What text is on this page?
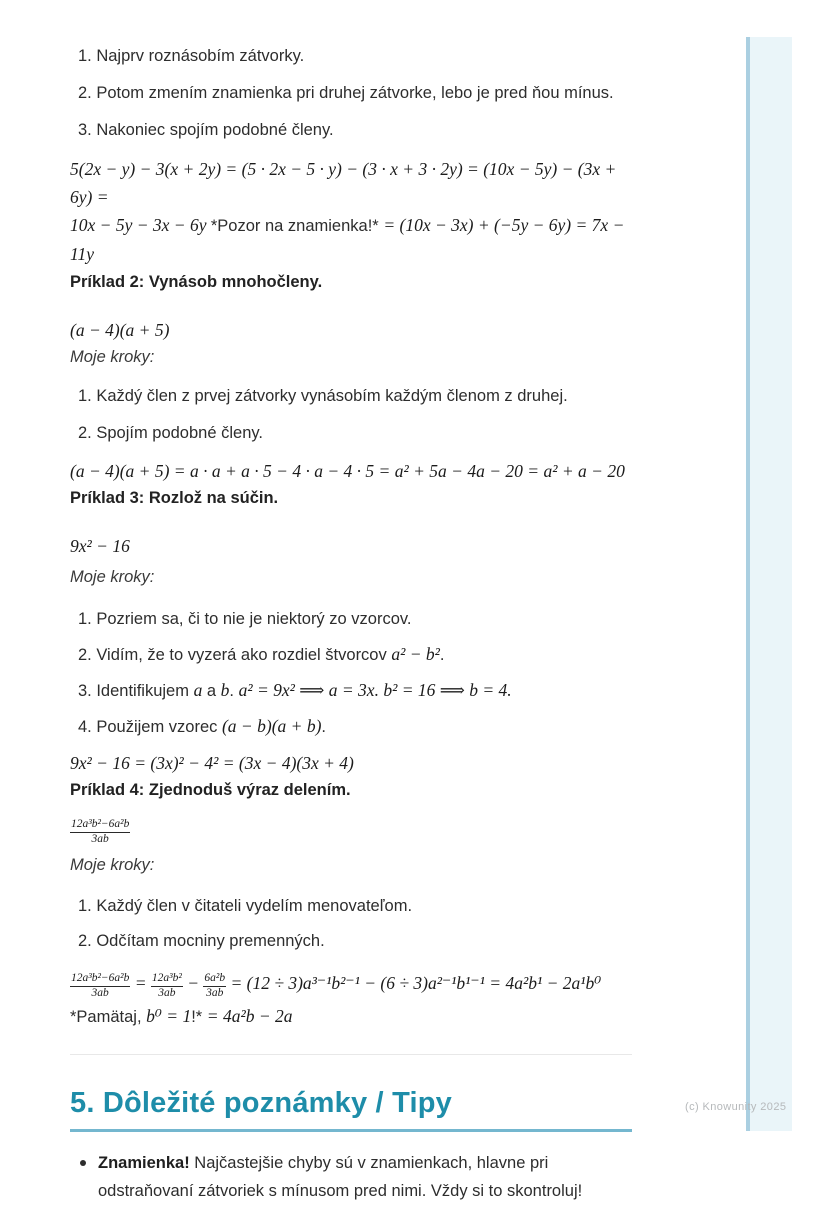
1. Najprv roznásobím zátvorky.

2. Potom zmením znamienka pri druhej zátvorke, lebo je pred ňou mínus.

3. Nakoniec spojím podobné členy.

5(2x − y) − 3(x + 2y) = (5 · 2x − 5 · y) − (3 · x + 3 · 2y) = (10x − 5y) − (3x + 6y) =

10x − 5y − 3x − 6y *Pozor na znamienka!* = (10x − 3x) + (−5y − 6y) = 7x − 11y

Príklad 2: Vynásob mnohočleny.

(a − 4)(a + 5)

Moje kroky:

1. Každý člen z prvej zátvorky vynásobím každým členom z druhej.

2. Spojím podobné členy.

(a − 4)(a + 5) = a · a + a · 5 − 4 · a − 4 · 5 = a² + 5a − 4a − 20 = a² + a − 20

Príklad 3: Rozlož na súčin.

9x² − 16

Moje kroky:

1. Pozriem sa, či to nie je niektorý zo vzorcov.

2. Vidím, že to vyzerá ako rozdiel štvorcov a² − b².

3. Identifikujem a a b. a² = 9x² ⟹ a = 3x. b² = 16 ⟹ b = 4.

4. Použijem vzorec (a − b)(a + b).

9x² − 16 = (3x)² − 4² = (3x − 4)(3x + 4)

Príklad 4: Zjednoduš výraz delením.
$\frac{\text{12a³b²−6a²b}}{3ab}$

Moje kroky:

1. Každý člen v čitateli vydelím menovateľom.

2. Odčítam mocniny premenných.

$\frac{\text{12a³b²−6a²b}}{3ab} = \frac{\text{12a³b²}}{3ab} - \frac{\text{6a²b}}{3ab} = (12 \div 3)a^{3-1}b^{2-1} - (6 \div 3)a^{2-1}b^{1-1} = 4a^2b^1 - 2a^1b^0$

*Pamätaj, b⁰ = 1!* = 4a²b − 2a

5. Dôležité poznámky / Tipy
Znamienka! Najčastejšie chyby sú v znamienkach, hlavne pri odstraňovaní zátvoriek s mínusom pred nimi. Vždy si to skontroluj!
(c) Knowunity 2025
